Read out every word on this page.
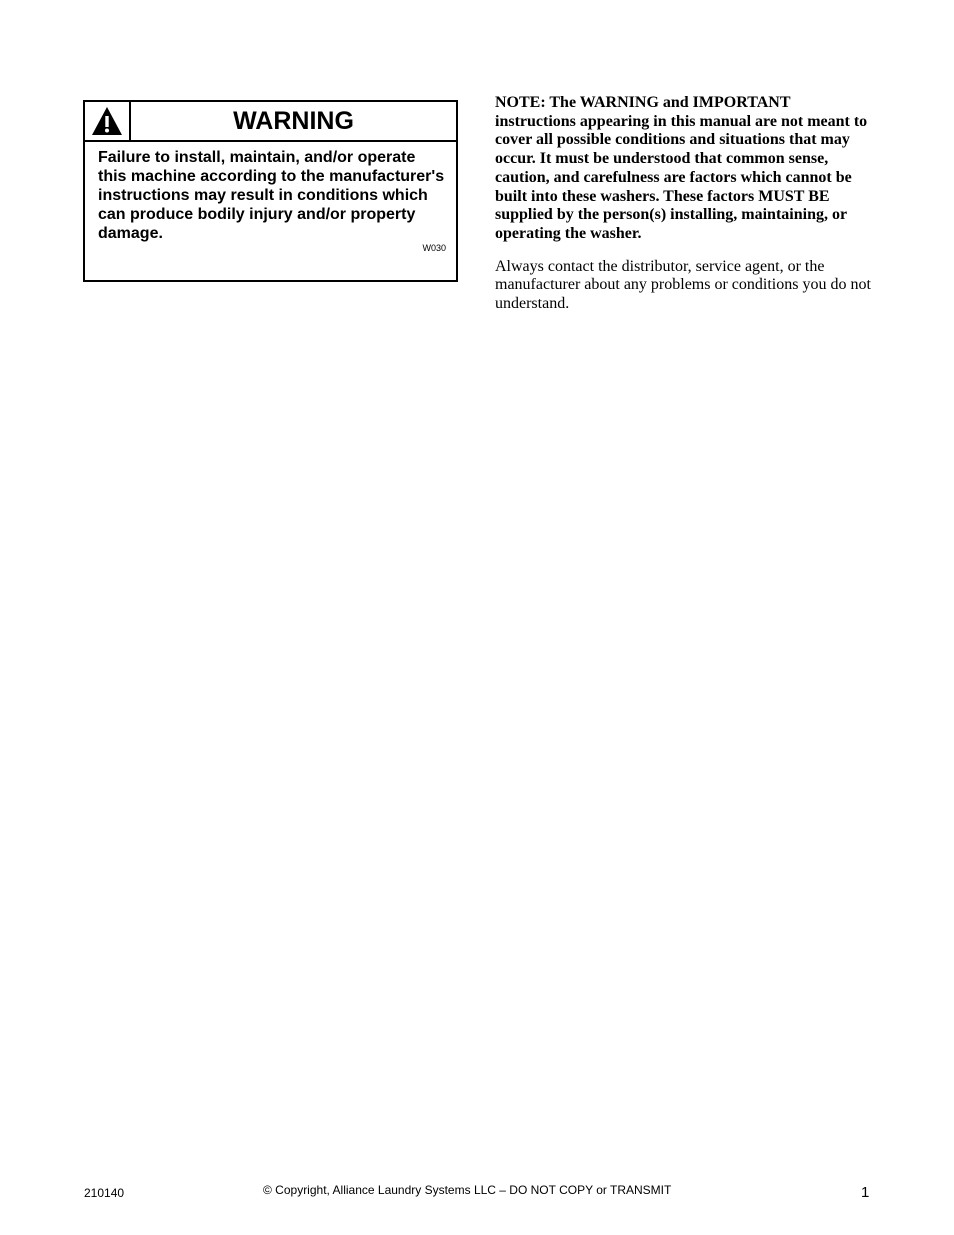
WARNING
Failure to install, maintain, and/or operate this machine according to the manufacturer's instructions may result in conditions which can produce bodily injury and/or property damage.
W030

NOTE: The WARNING and IMPORTANT instructions appearing in this manual are not meant to cover all possible conditions and situations that may occur. It must be understood that common sense, caution, and carefulness are factors which cannot be built into these washers. These factors MUST BE supplied by the person(s) installing, maintaining, or operating the washer.

Always contact the distributor, service agent, or the manufacturer about any problems or conditions you do not understand.

210140	© Copyright, Alliance Laundry Systems LLC – DO NOT COPY or TRANSMIT	1
